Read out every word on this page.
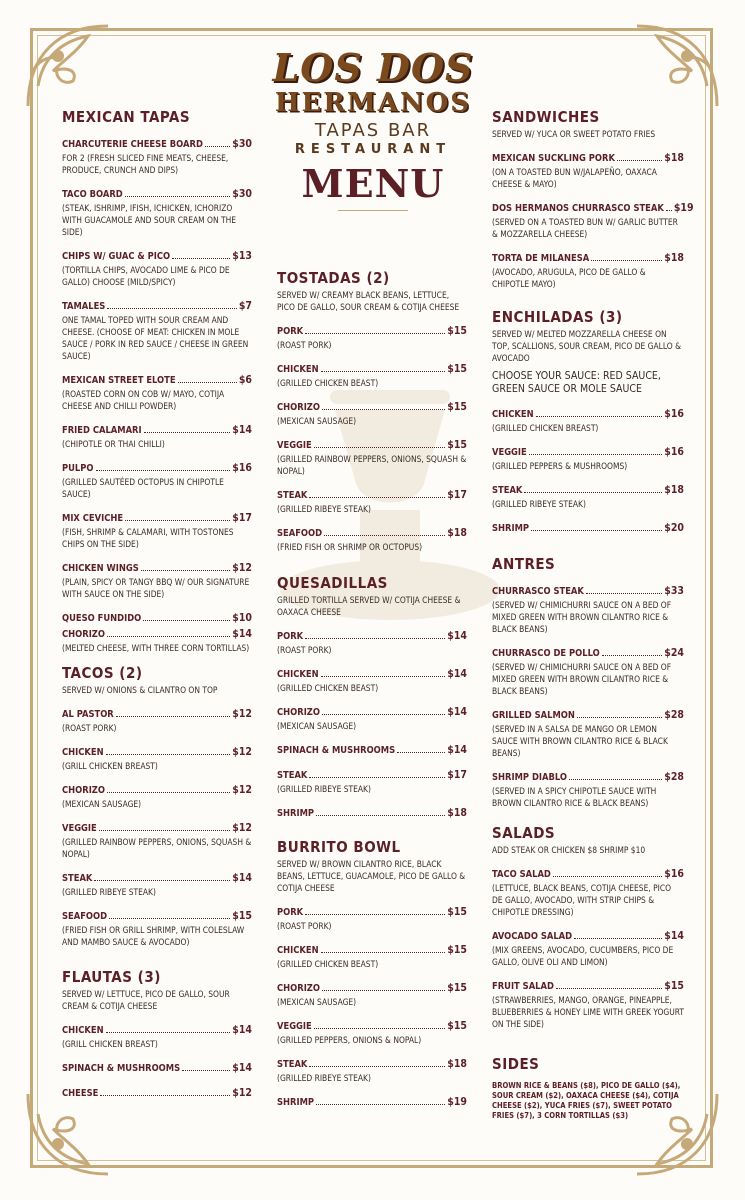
LOS DOS
HERMANOS
TAPAS BAR
RESTAURANT
MENU
MEXICAN TAPAS
CHARCUTERIE CHEESE BOARD	$30
FOR 2 (FRESH SLICED FINE MEATS, CHEESE, PRODUCE, CRUNCH AND DIPS)
TACO BOARD	$30
(STEAK, ISHRIMP, IFISH, ICHICKEN, ICHORIZO WITH GUACAMOLE AND SOUR CREAM ON THE SIDE)
CHIPS W/ GUAC & PICO	$13
(TORTILLA CHIPS, AVOCADO LIME & PICO DE GALLO) CHOOSE (MILD/SPICY)
TAMALES	$7
ONE TAMAL TOPED WITH SOUR CREAM AND CHEESE. (CHOOSE OF MEAT: CHICKEN IN MOLE SAUCE / PORK IN RED SAUCE / CHEESE IN GREEN SAUCE)
MEXICAN STREET ELOTE	$6
(ROASTED CORN ON COB W/ MAYO, COTIJA CHEESE AND CHILLI POWDER)
FRIED CALAMARI	$14
(CHIPOTLE OR THAI CHILLI)
PULPO	$16
(GRILLED SAUTÉED OCTOPUS IN CHIPOTLE SAUCE)
MIX CEVICHE	$17
(FISH, SHRIMP & CALAMARI, WITH TOSTONES CHIPS ON THE SIDE)
CHICKEN WINGS	$12
(PLAIN, SPICY OR TANGY BBQ W/ OUR SIGNATURE WITH SAUCE ON THE SIDE)
QUESO FUNDIDO	$10
CHORIZO	$14
(MELTED CHEESE, WITH THREE CORN TORTILLAS)
TACOS (2)
SERVED W/ ONIONS & CILANTRO ON TOP
AL PASTOR	$12
(ROAST PORK)
CHICKEN	$12
(GRILL CHICKEN BREAST)
CHORIZO	$12
(MEXICAN SAUSAGE)
VEGGIE	$12
(GRILLED RAINBOW PEPPERS, ONIONS, SQUASH & NOPAL)
STEAK	$14
(GRILLED RIBEYE STEAK)
SEAFOOD	$15
(FRIED FISH OR GRILL SHRIMP, WITH COLESLAW AND MAMBO SAUCE & AVOCADO)
FLAUTAS (3)
SERVED W/ LETTUCE, PICO DE GALLO, SOUR CREAM & COTIJA CHEESE
CHICKEN	$14
(GRILL CHICKEN BREAST)
SPINACH & MUSHROOMS	$14
CHEESE	$12
TOSTADAS (2)
SERVED W/ CREAMY BLACK BEANS, LETTUCE, PICO DE GALLO, SOUR CREAM & COTIJA CHEESE
PORK	$15
(ROAST PORK)
CHICKEN	$15
(GRILLED CHICKEN BEAST)
CHORIZO	$15
(MEXICAN SAUSAGE)
VEGGIE	$15
(GRILLED RAINBOW PEPPERS, ONIONS, SQUASH & NOPAL)
STEAK	$17
(GRILLED RIBEYE STEAK)
SEAFOOD	$18
(FRIED FISH OR SHRIMP OR OCTOPUS)
QUESADILLAS
GRILLED TORTILLA SERVED W/ COTIJA CHEESE & OAXACA CHEESE
PORK	$14
(ROAST PORK)
CHICKEN	$14
(GRILLED CHICKEN BEAST)
CHORIZO	$14
(MEXICAN SAUSAGE)
SPINACH & MUSHROOMS	$14
STEAK	$17
(GRILLED RIBEYE STEAK)
SHRIMP	$18
BURRITO BOWL
SERVED W/ BROWN CILANTRO RICE, BLACK BEANS, LETTUCE, GUACAMOLE, PICO DE GALLO & COTIJA CHEESE
PORK	$15
(ROAST PORK)
CHICKEN	$15
(GRILLED CHICKEN BEAST)
CHORIZO	$15
(MEXICAN SAUSAGE)
VEGGIE	$15
(GRILLED PEPPERS, ONIONS & NOPAL)
STEAK	$18
(GRILLED RIBEYE STEAK)
SHRIMP	$19
SANDWICHES
SERVED W/ YUCA OR SWEET POTATO FRIES
MEXICAN SUCKLING PORK	$18
(ON A TOASTED BUN W/JALAPEÑO, OAXACA CHEESE & MAYO)
DOS HERMANOS CHURRASCO STEAK $19
(SERVED ON A TOASTED BUN W/ GARLIC BUTTER & MOZZARELLA CHEESE)
TORTA DE MILANESA	$18
(AVOCADO, ARUGULA, PICO DE GALLO & CHIPOTLE MAYO)
ENCHILADAS (3)
SERVED W/ MELTED MOZZARELLA CHEESE ON TOP, SCALLIONS, SOUR CREAM, PICO DE GALLO & AVOCADO
CHOOSE YOUR SAUCE: RED SAUCE, GREEN SAUCE OR MOLE SAUCE
CHICKEN	$16
(GRILLED CHICKEN BREAST)
VEGGIE	$16
(GRILLED PEPPERS & MUSHROOMS)
STEAK	$18
(GRILLED RIBEYE STEAK)
SHRIMP	$20
ANTRES
CHURRASCO STEAK	$33
(SERVED W/ CHIMICHURRI SAUCE ON A BED OF MIXED GREEN WITH BROWN CILANTRO RICE & BLACK BEANS)
CHURRASCO DE POLLO	$24
(SERVED W/ CHIMICHURRI SAUCE ON A BED OF MIXED GREEN WITH BROWN CILANTRO RICE & BLACK BEANS)
GRILLED SALMON	$28
(SERVED IN A SALSA DE MANGO OR LEMON SAUCE WITH BROWN CILANTRO RICE & BLACK BEANS)
SHRIMP DIABLO	$28
(SERVED IN A SPICY CHIPOTLE SAUCE WITH BROWN CILANTRO RICE & BLACK BEANS)
SALADS
ADD STEAK OR CHICKEN $8 SHRIMP $10
TACO SALAD	$16
(LETTUCE, BLACK BEANS, COTIJA CHEESE, PICO DE GALLO, AVOCADO, WITH STRIP CHIPS & CHIPOTLE DRESSING)
AVOCADO SALAD	$14
(MIX GREENS, AVOCADO, CUCUMBERS, PICO DE GALLO, OLIVE OLI AND LIMON)
FRUIT SALAD	$15
(STRAWBERRIES, MANGO, ORANGE, PINEAPPLE, BLUEBERRIES & HONEY LIME WITH GREEK YOGURT ON THE SIDE)
SIDES
BROWN RICE & BEANS ($8), PICO DE GALLO ($4), SOUR CREAM ($2), OAXACA CHEESE ($4), COTIJA CHEESE ($2), YUCA FRIES ($7), SWEET POTATO FRIES ($7), 3 CORN TORTILLAS ($3)
